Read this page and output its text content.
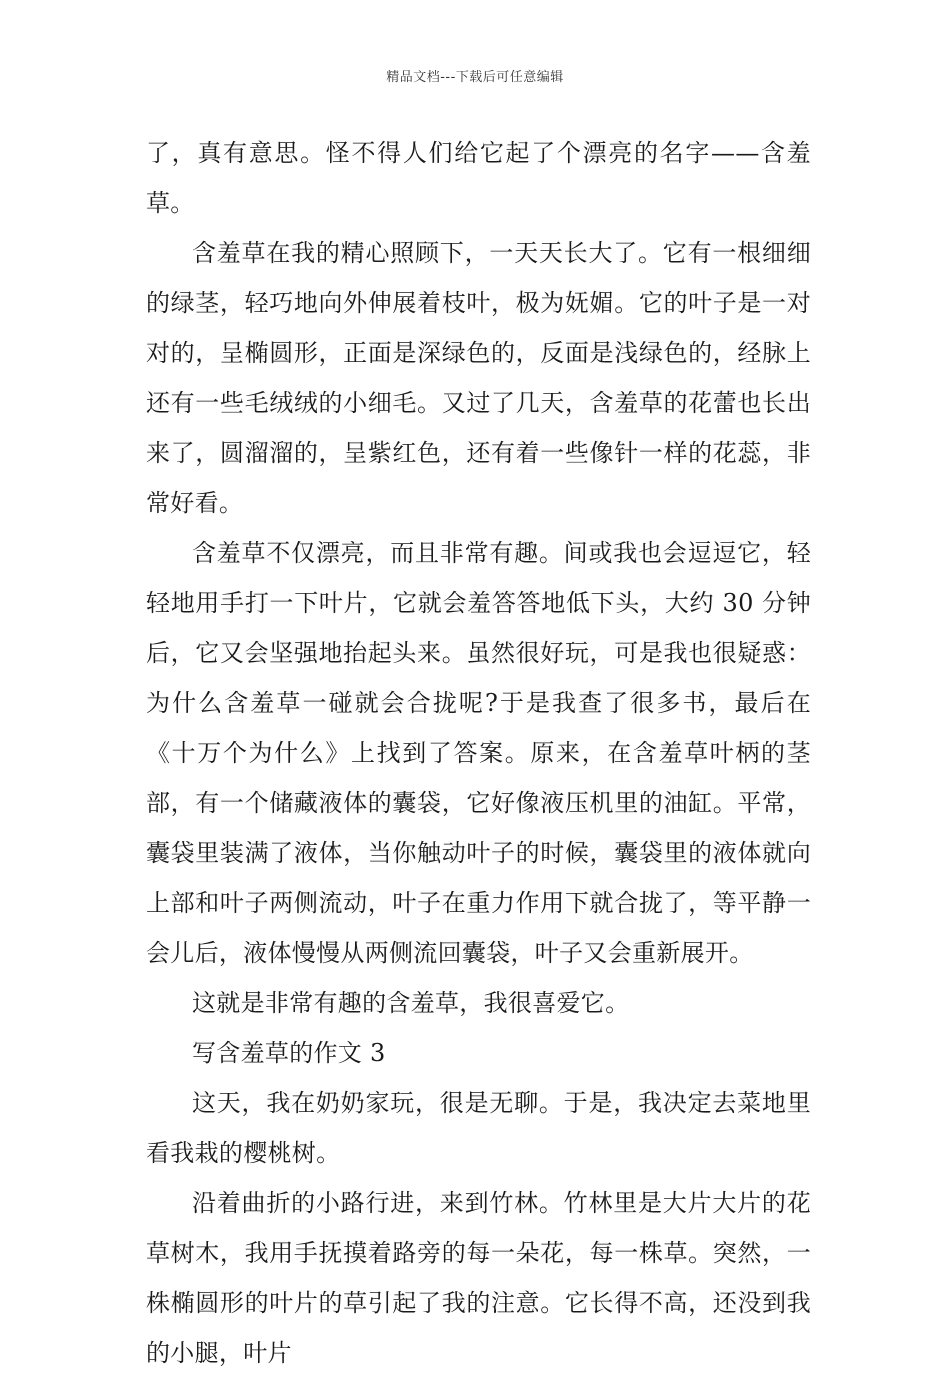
精品文档---下载后可任意编辑

了，真有意思。怪不得人们给它起了个漂亮的名字——含羞草。

含羞草在我的精心照顾下，一天天长大了。它有一根细细的绿茎，轻巧地向外伸展着枝叶，极为妩媚。它的叶子是一对对的，呈椭圆形，正面是深绿色的，反面是浅绿色的，经脉上还有一些毛绒绒的小细毛。又过了几天，含羞草的花蕾也长出来了，圆溜溜的，呈紫红色，还有着一些像针一样的花蕊，非常好看。

含羞草不仅漂亮，而且非常有趣。间或我也会逗逗它，轻轻地用手打一下叶片，它就会羞答答地低下头，大约 30 分钟后，它又会坚强地抬起头来。虽然很好玩，可是我也很疑惑：为什么含羞草一碰就会合拢呢?于是我查了很多书，最后在《十万个为什么》上找到了答案。原来，在含羞草叶柄的茎部，有一个储藏液体的囊袋，它好像液压机里的油缸。平常，囊袋里装满了液体，当你触动叶子的时候，囊袋里的液体就向上部和叶子两侧流动，叶子在重力作用下就合拢了，等平静一会儿后，液体慢慢从两侧流回囊袋，叶子又会重新展开。

这就是非常有趣的含羞草，我很喜爱它。

写含羞草的作文 3

这天，我在奶奶家玩，很是无聊。于是，我决定去菜地里看我栽的樱桃树。

沿着曲折的小路行进，来到竹林。竹林里是大片大片的花草树木，我用手抚摸着路旁的每一朵花，每一株草。突然，一株椭圆形的叶片的草引起了我的注意。它长得不高，还没到我的小腿，叶片
